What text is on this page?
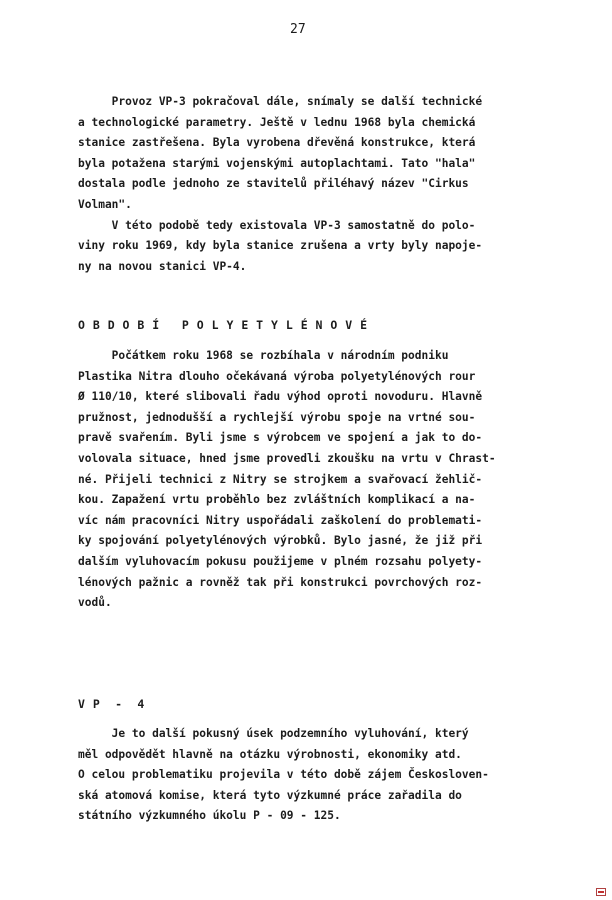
27
Provoz VP-3 pokračoval dále, snímaly se další technické
a technologické parametry. Ještě v lednu 1968 byla chemická
stanice zastřešena. Byla vyrobena dřevěná konstrukce, která
byla potažena starými vojenskými autoplachtami. Tato "hala"
dostala podle jednoho ze stavitelů přiléhavý název "Cirkus
Volman".
V této podobě tedy existovala VP-3 samostatně do polo-
viny roku 1969, kdy byla stanice zrušena a vrty byly napoje-
ny na novou stanici VP-4.
O B D O B Í   P O L Y E T Y L É N O V É
Počátkem roku 1968 se rozbíhala v národním podniku
Plastika Nitra dlouho očekávaná výroba polyetylénových rour
Ø 110/10, které slibovali řadu výhod oproti novoduru. Hlavně
pružnost, jednodušší a rychlejší výrobu spoje na vrtné sou-
pravě svařením. Byli jsme s výrobcem ve spojení a jak to do-
volovala situace, hned jsme provedli zkoušku na vrtu v Chrast-
né. Přijeli technici z Nitry se strojkem a svařovací žehlič-
kou. Zapažení vrtu proběhlo bez zvláštních komplikací a na-
víc nám pracovníci Nitry uspořádali zaškolení do problemati-
ky spojování polyetylénových výrobků. Bylo jasné, že již při
dalším vyluhovacím pokusu použijeme v plném rozsahu polyety-
lénových pažnic a rovněž tak při konstrukci povrchových roz-
vodů.
V P  -  4
Je to další pokusný úsek podzemního vyluhování, který
měl odpovědět hlavně na otázku výrobnosti, ekonomiky atd.
O celou problematiku projevila v této době zájem Českosloven-
ská atomová komise, která tyto výzkumné práce zařadila do
státního výzkumného úkolu P - 09 - 125.
